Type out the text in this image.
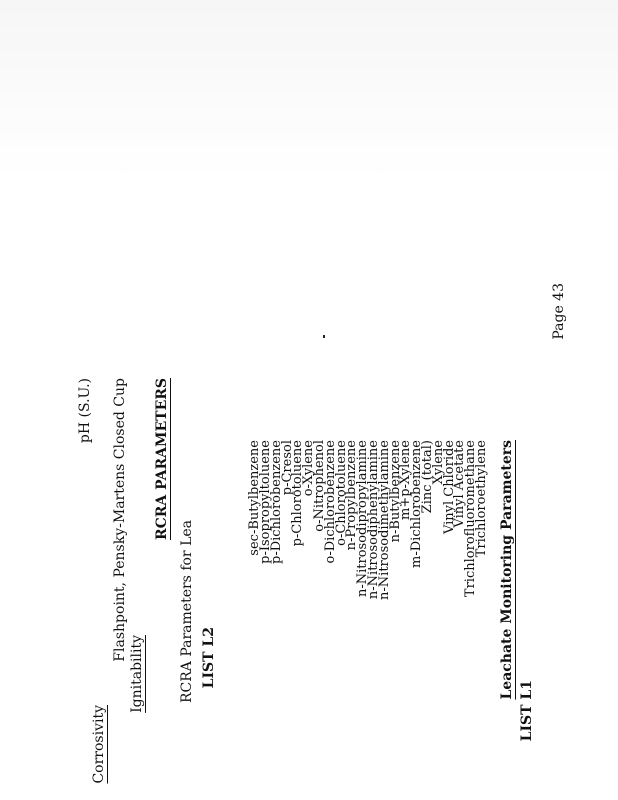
LIST L1
Leachate Monitoring Parameters
Page 43
Trichloroethylene
Trichlorofluoromethane
Vinyl Acetate
Vinyl Chloride
Xylene
Zinc (total)
m-Dichlorobenzene
m+p-Xylene
n-Butylbenzene
n-Nitrosodimethylamine
n-Nitrosodiphenylamine
n-Nitrosodipropylamine
n-Propylbenzene
o-Chlorotoluene
o-Dichlorobenzene
o-Nitrophenol
o-Xylene
p-Chlorotoluene
p-Cresol
p-Dichlorobenzene
p-Isopropyltoluene
sec-Butylbenzene
LIST L2
RCRA Parameters for Lea
RCRA PARAMETERS
Ignitability
Flashpoint, Pensky-Martens Closed Cup
Corrosivity
pH (S.U.)
